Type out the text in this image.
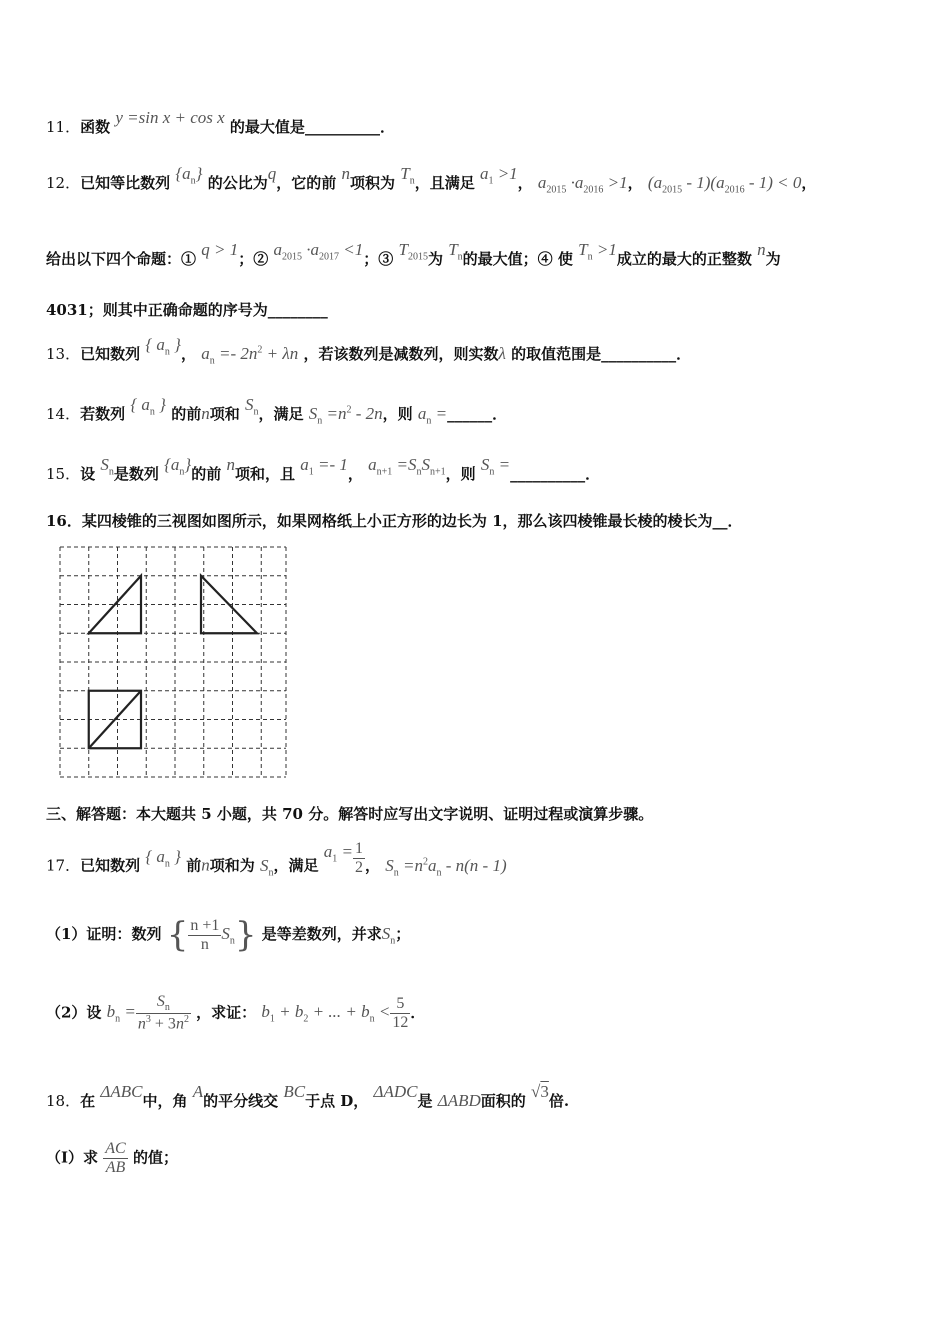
11．函数 y =sin x + cos x 的最大值是__________．
12．已知等比数列 $\{a_n\}$ 的公比为q，它的前 n项积为 $T_n$，且满足 $a_1 >1$， $a_{2015} \cdot a_{2016} >1$， $(a_{2015} - 1)(a_{2016} - 1) < 0$，
给出以下四个命题：① q > 1；② $a_{2015} \cdot a_{2017} <1$；③ $T_{2015}$为 $T_n$的最大值；④ 使 $T_n >1$成立的最大的正整数 n为
4031；则其中正确命题的序号为________
13．已知数列 { $a_n$ }， $a_n =- 2n^2 + \lambda n$ ，若该数列是减数列，则实数λ 的取值范围是__________．
14．若数列 { $a_n$ } 的前n项和 $S_n$，满足 $S_n =n^2 - 2n$，则 $a_n$ =______．
15．设 $S_n$是数列 $\{a_n\}$的前 n项和，且 $a_1 =- 1$， $a_{n+1} =S_nS_{n+1}$，则 $S_n$ =__________．
16．某四棱锥的三视图如图所示，如果网格纸上小正方形的边长为 1，那么该四棱锥最长棱的棱长为__．
三、解答题：本大题共 5 小题，共 70 分。解答时应写出文字说明、证明过程或演算步骤。
17．已知数列 { $a_n$ } 前n项和为 $S_n$，满足 $a_1 = \frac{1}{2}$ ， $S_n =n^2a_n - n(n - 1)$
（1）证明：数列 { $\frac{n +1}{n} S_n$} 是等差数列，并求$S_n$；
（2）设 $b_n = \frac{S_n}{n^3 + 3n^2}$ ，求证： $b_1 + b_2$ + ... + $b_n < \frac{5}{12}$ ．
18．在 ΔABC中，角 A的平分线交 BC于点 D， ΔADC是 ΔABD面积的 √3倍.
（I）求 $\frac{AC}{AB}$ 的值；
